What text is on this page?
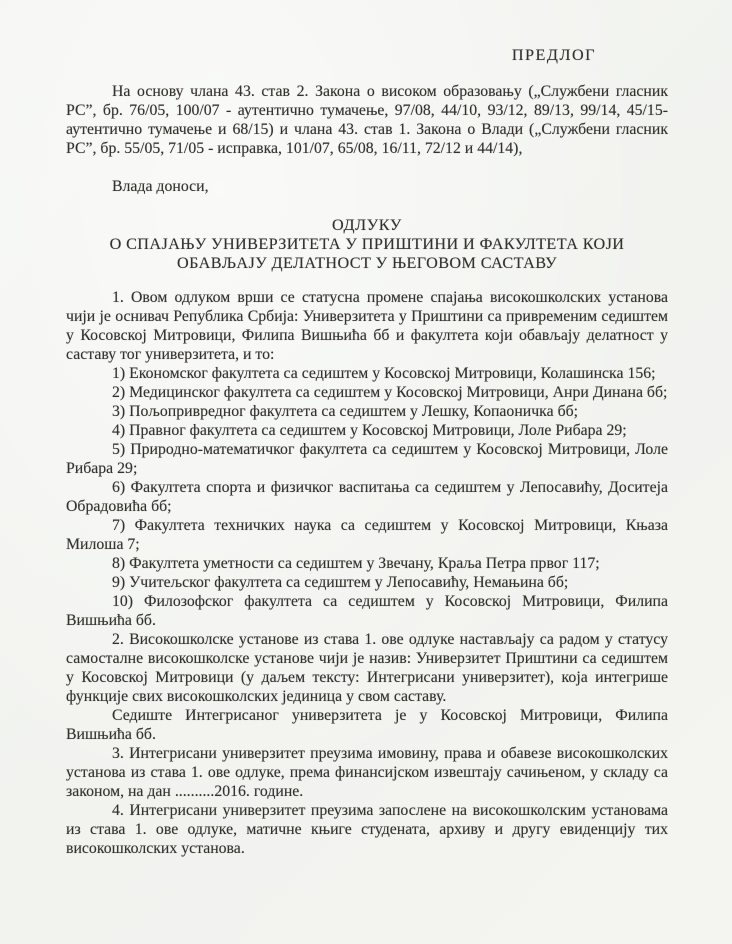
ПРЕДЛОГ

На основу члана 43. став 2. Закона о високом образовању („Службени гласник РС”, бр. 76/05, 100/07 - аутентично тумачење, 97/08, 44/10, 93/12, 89/13, 99/14, 45/15-аутентично тумачење и 68/15) и члана 43. став 1. Закона о Влади („Службени гласник РС”, бр. 55/05, 71/05 - исправка, 101/07, 65/08, 16/11, 72/12 и 44/14),

Влада доноси,

ОДЛУКУ

О СПАЈАЊУ УНИВЕРЗИТЕТА У ПРИШТИНИ И ФАКУЛТЕТА КОЈИ

ОБАВЉАЈУ ДЕЛАТНОСТ У ЊЕГОВОМ САСТАВУ

1. Овом одлуком врши се статусна промене спајања високошколских установа чији је оснивач Република Србија: Универзитета у Приштини са привременим седиштем у Косовској Митровици, Филипа Вишњића бб и факултета који обављају делатност у саставу тог универзитета, и то:

1) Економског факултета са седиштем у Косовској Митровици, Колашинска 156;

2) Медицинског факултета са седиштем у Косовској Митровици, Анри Динана бб;

3) Пољопривредног факултета са седиштем у Лешку, Копаоничка бб;

4) Правног факултета са седиштем у Косовској Митровици, Лоле Рибара 29;

5) Природно-математичког факултета са седиштем у Косовској Митровици, Лоле Рибара 29;

6) Факултета спорта и физичког васпитања са седиштем у Лепосавићу, Доситеја Обрадовића бб;

7) Факултета техничких наука са седиштем у Косовској Митровици, Књаза Милоша 7;

8) Факултета уметности са седиштем у Звечану, Краља Петра првог 117;

9) Учитељског факултета са седиштем у Лепосавићу, Немањина бб;

10) Филозофског факултета са седиштем у Косовској Митровици, Филипа Вишњића бб.

2. Високошколске установе из става 1. ове одлуке настављају са радом у статусу самосталне високошколске установе чији је назив: Универзитет Приштини са седиштем у Косовској Митровици (у даљем тексту: Интегрисани универзитет), која интегрише функције свих високошколских јединица у свом саставу.

Седиште Интегрисаног универзитета је у Косовској Митровици, Филипа Вишњића бб.

3. Интегрисани универзитет преузима имовину, права и обавезе високошколских установа из става 1. ове одлуке, према финансијском извештају сачињеном, у складу са законом, на дан ..........2016. године.

4. Интегрисани универзитет преузима запослене на високошколским установама из става 1. ове одлуке, матичне књиге студената, архиву и другу евиденцију тих високошколских установа.
